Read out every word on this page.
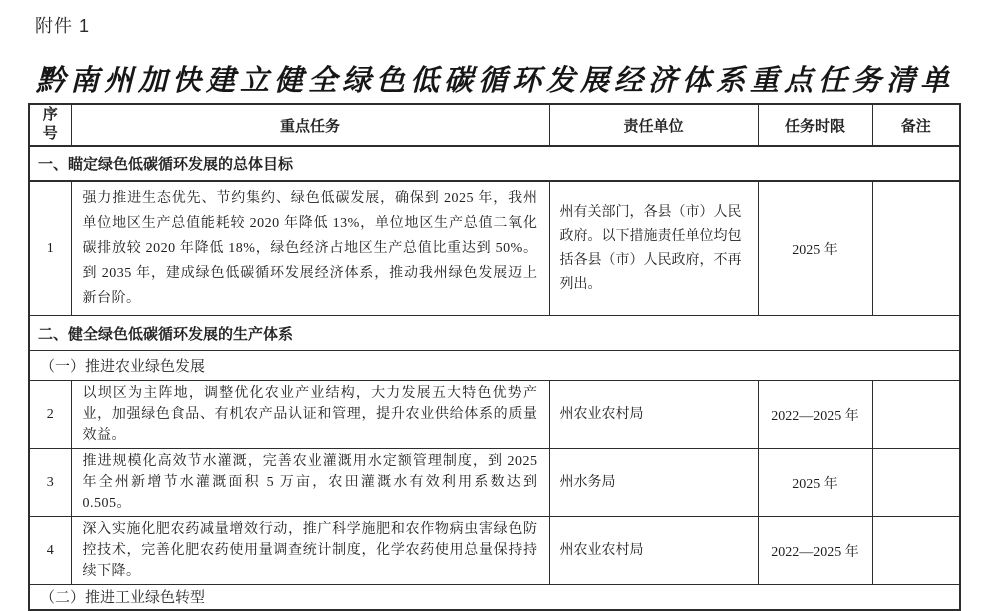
附件 1
黔南州加快建立健全绿色低碳循环发展经济体系重点任务清单
序号	重点任务	责任单位	任务时限	备注
一、瞄定绿色低碳循环发展的总体目标				
1	强力推进生态优先、节约集约、绿色低碳发展，确保到 2025 年，我州单位地区生产总值能耗较 2020 年降低 13%，单位地区生产总值二氧化碳排放较 2020 年降低 18%，绿色经济占地区生产总值比重达到 50%。到 2035 年，建成绿色低碳循环发展经济体系，推动我州绿色发展迈上新台阶。	州有关部门，各县（市）人民政府。以下措施责任单位均包括各县（市）人民政府，不再列出。	2025 年	
二、健全绿色低碳循环发展的生产体系				
（一）推进农业绿色发展				
2	以坝区为主阵地，调整优化农业产业结构，大力发展五大特色优势产业，加强绿色食品、有机农产品认证和管理，提升农业供给体系的质量效益。	州农业农村局	2022—2025 年	
3	推进规模化高效节水灌溉，完善农业灌溉用水定额管理制度，到 2025 年全州新增节水灌溉面积 5 万亩，农田灌溉水有效利用系数达到 0.505。	州水务局	2025 年	
4	深入实施化肥农药减量增效行动，推广科学施肥和农作物病虫害绿色防控技术，完善化肥农药使用量调查统计制度，化学农药使用总量保持持续下降。	州农业农村局	2022—2025 年	
（二）推进工业绿色转型				
